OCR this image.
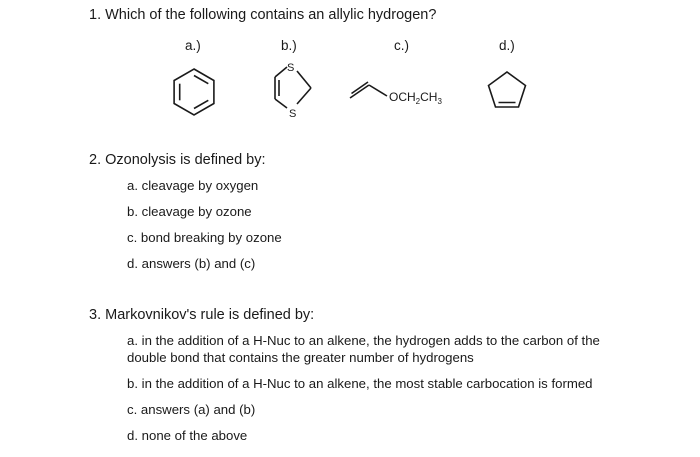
1. Which of the following contains an allylic hydrogen?
a.)	b.)	c.)	d.)
S
S
$OCH_2CH_3$
2. Ozonolysis is defined by:
a. cleavage by oxygen
b. cleavage by ozone
c. bond breaking by ozone
d. answers (b) and (c)
3. Markovnikov's rule is defined by:
a. in the addition of a H-Nuc to an alkene, the hydrogen adds to the carbon of the
double bond that contains the greater number of hydrogens
b. in the addition of a H-Nuc to an alkene, the most stable carbocation is formed
c. answers (a) and (b)
d. none of the above
